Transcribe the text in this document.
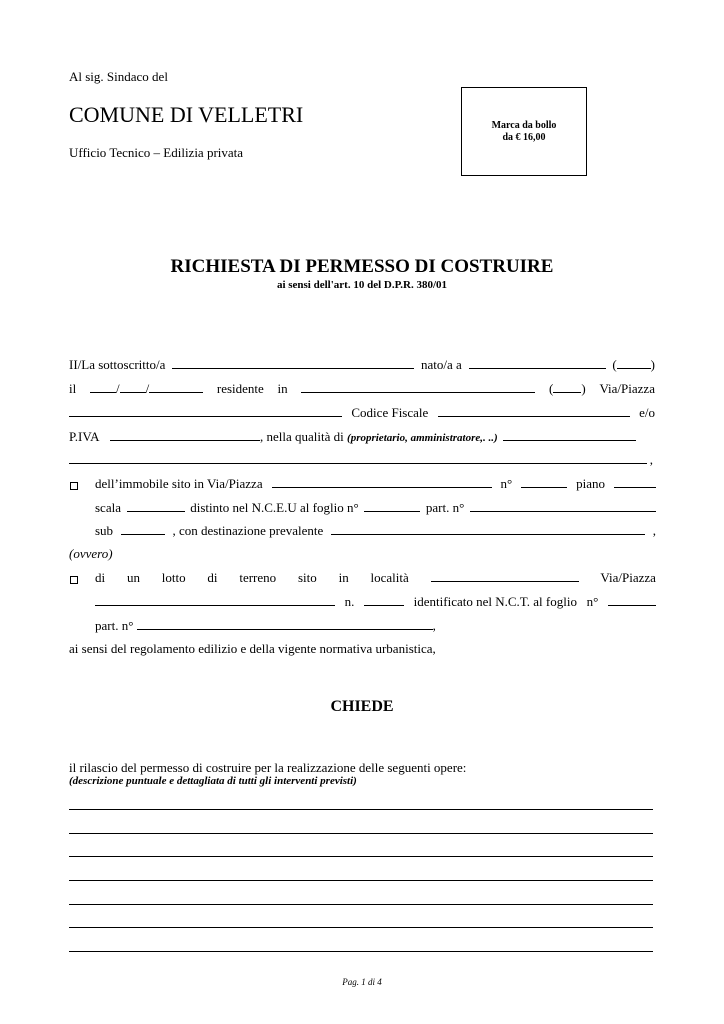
Al sig. Sindaco del
COMUNE DI VELLETRI
Ufficio Tecnico – Edilizia privata
Marca da bollo
da € 16,00
RICHIESTA DI PERMESSO DI COSTRUIRE
ai sensi dell'art. 10 del D.P.R. 380/01
II/La sottoscritto/a	nato/a a	(	)
il	/ /	residente in	( ) Via/Piazza
Codice Fiscale	e/o
P.IVA	, nella qualità di (proprietario, amministratore,. ..)
,
dell’immobile sito in Via/Piazza	n°	piano
scala	distinto nel N.C.E.U al foglio n°	part. n°
sub	, con destinazione prevalente	,
(ovvero)
di un lotto di terreno sito in località	Via/Piazza
n.	identificato nel N.C.T. al foglio n°
part. n°	,
ai sensi del regolamento edilizio e della vigente normativa urbanistica,
CHIEDE
il rilascio del permesso di costruire per la realizzazione delle seguenti opere:
(descrizione puntuale e dettagliata di tutti gli interventi previsti)
Pag. 1 di 4
